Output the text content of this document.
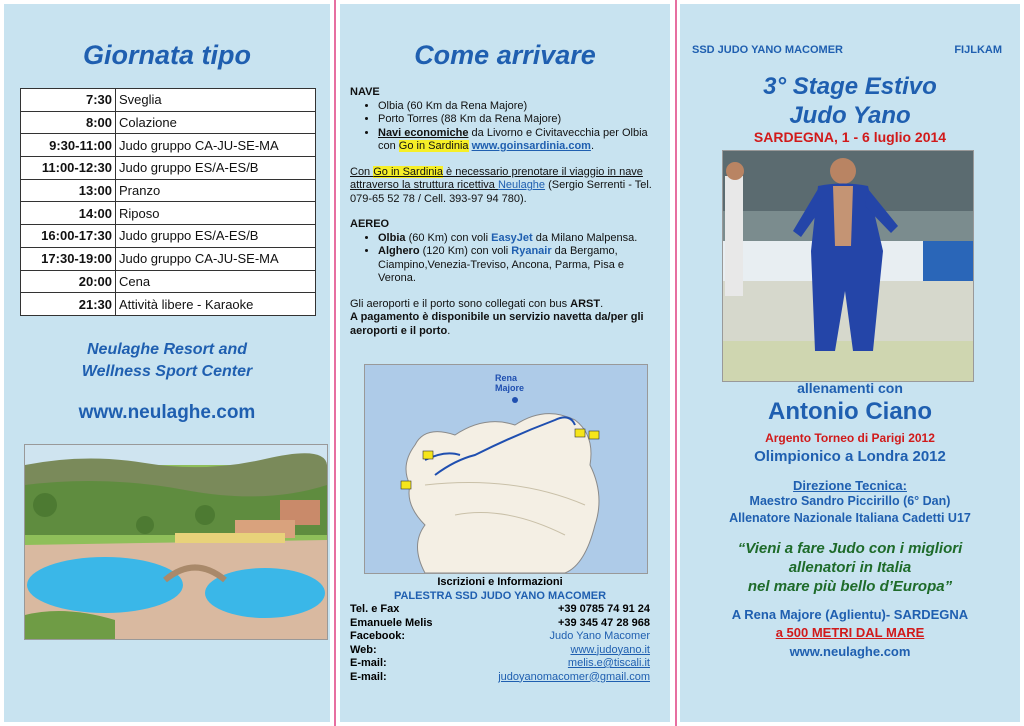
Giornata tipo
7:30	Sveglia
8:00	Colazione
9:30-11:00	Judo gruppo CA-JU-SE-MA
11:00-12:30	Judo gruppo ES/A-ES/B
13:00	Pranzo
14:00	Riposo
16:00-17:30	Judo gruppo ES/A-ES/B
17:30-19:00	Judo gruppo CA-JU-SE-MA
20:00	Cena
21:30	Attività libere - Karaoke
Neulaghe Resort and
Wellness Sport Center
www.neulaghe.com
Come arrivare
NAVE
• Olbia (60 Km da Rena Majore)
• Porto Torres (88 Km da Rena Majore)
• Navi economiche da Livorno e Civitavecchia per Olbia con Go in Sardinia www.goinsardinia.com.
Con Go in Sardinia è necessario prenotare il viaggio in nave attraverso la struttura ricettiva Neulaghe (Sergio Serrenti - Tel. 079-65 52 78 / Cell. 393-97 94 780).
AEREO
• Olbia (60 Km) con voli EasyJet da Milano Malpensa.
• Alghero (120 Km) con voli Ryanair da Bergamo, Ciampino,Venezia-Treviso, Ancona, Parma, Pisa e Verona.
Gli aeroporti e il porto sono collegati con bus ARST.
A pagamento è disponibile un servizio navetta da/per gli aeroporti e il porto.
Rena
Majore
Iscrizioni e Informazioni
PALESTRA SSD JUDO YANO MACOMER
Tel. e Fax	+39 0785 74 91 24
Emanuele Melis	+39 345 47 28 968
Facebook:	Judo Yano Macomer
Web:	www.judoyano.it
E-mail:	melis.e@tiscali.it
E-mail:	judoyanomacomer@gmail.com
SSD JUDO YANO MACOMER	FIJLKAM
3° Stage Estivo
Judo Yano
SARDEGNA, 1 - 6 luglio 2014
allenamenti con
Antonio Ciano
Argento Torneo di Parigi 2012
Olimpionico a Londra 2012
Direzione Tecnica:
Maestro Sandro Piccirillo (6° Dan)
Allenatore Nazionale Italiana Cadetti U17
“Vieni a fare Judo con i migliori
allenatori in Italia
nel mare più bello d’Europa”
A Rena Majore (Aglientu)- SARDEGNA
a 500 METRI DAL MARE
www.neulaghe.com
